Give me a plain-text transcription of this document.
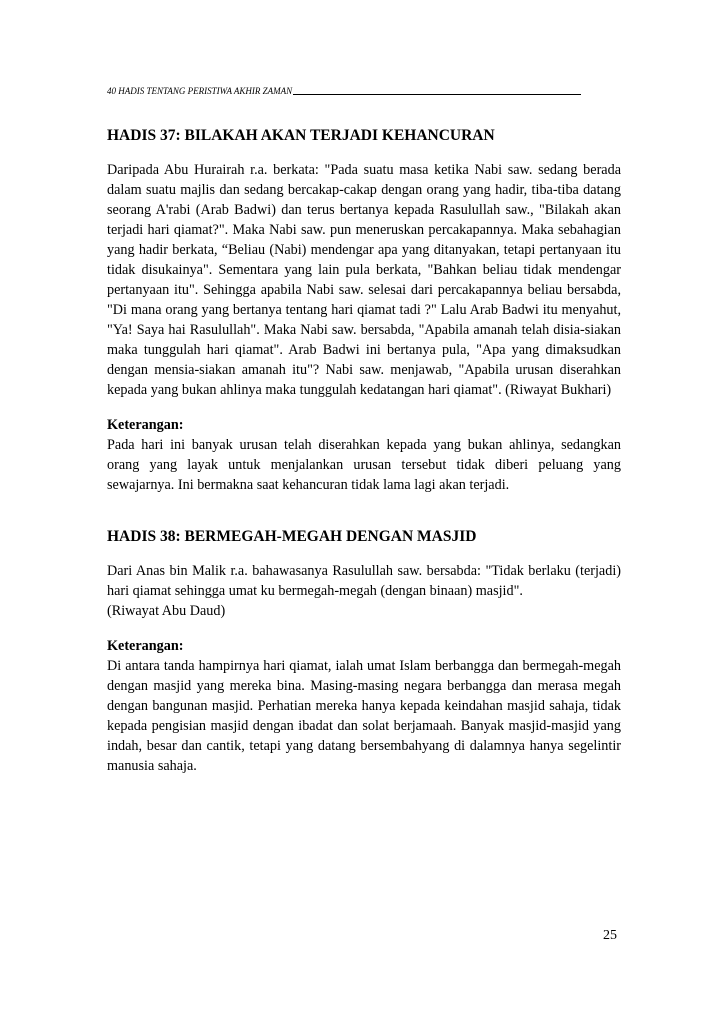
40 HADIS TENTANG PERISTIWA AKHIR ZAMAN
HADIS 37: BILAKAH AKAN TERJADI KEHANCURAN

Daripada Abu Hurairah r.a. berkata: "Pada suatu masa ketika Nabi saw. sedang berada dalam suatu majlis dan sedang bercakap-cakap dengan orang yang hadir, tiba-tiba datang seorang A'rabi (Arab Badwi) dan terus bertanya kepada Rasulullah saw., "Bilakah akan terjadi hari qiamat?". Maka Nabi saw. pun meneruskan percakapannya. Maka sebahagian yang hadir berkata, “Beliau (Nabi) mendengar apa yang ditanyakan, tetapi pertanyaan itu tidak disukainya". Sementara yang lain pula berkata, "Bahkan beliau tidak mendengar pertanyaan itu". Sehingga apabila Nabi saw. selesai dari percakapannya beliau bersabda, "Di mana orang yang bertanya tentang hari qiamat tadi ?" Lalu Arab Badwi itu menyahut, "Ya! Saya hai Rasulullah". Maka Nabi saw. bersabda, "Apabila amanah telah disia-siakan maka tunggulah hari qiamat". Arab Badwi ini bertanya pula, "Apa yang dimaksudkan dengan mensia-siakan amanah itu"? Nabi saw. menjawab, "Apabila urusan diserahkan kepada yang bukan ahlinya maka tunggulah kedatangan hari qiamat". (Riwayat Bukhari)

Keterangan:

Pada hari ini banyak urusan telah diserahkan kepada yang bukan ahlinya, sedangkan orang yang layak untuk menjalankan urusan tersebut tidak diberi peluang yang sewajarnya. Ini bermakna saat kehancuran tidak lama lagi akan terjadi.

HADIS 38: BERMEGAH-MEGAH DENGAN MASJID

Dari Anas bin Malik r.a. bahawasanya Rasulullah saw. bersabda: "Tidak berlaku (terjadi) hari qiamat sehingga umat ku bermegah-megah (dengan binaan) masjid".

(Riwayat Abu Daud)

Keterangan:

Di antara tanda hampirnya hari qiamat, ialah umat Islam berbangga dan bermegah-megah dengan masjid yang mereka bina. Masing-masing negara berbangga dan merasa megah dengan bangunan masjid. Perhatian mereka hanya kepada keindahan masjid sahaja, tidak kepada pengisian masjid dengan ibadat dan solat berjamaah. Banyak masjid-masjid yang indah, besar dan cantik, tetapi yang datang bersembahyang di dalamnya hanya segelintir manusia sahaja.

25
